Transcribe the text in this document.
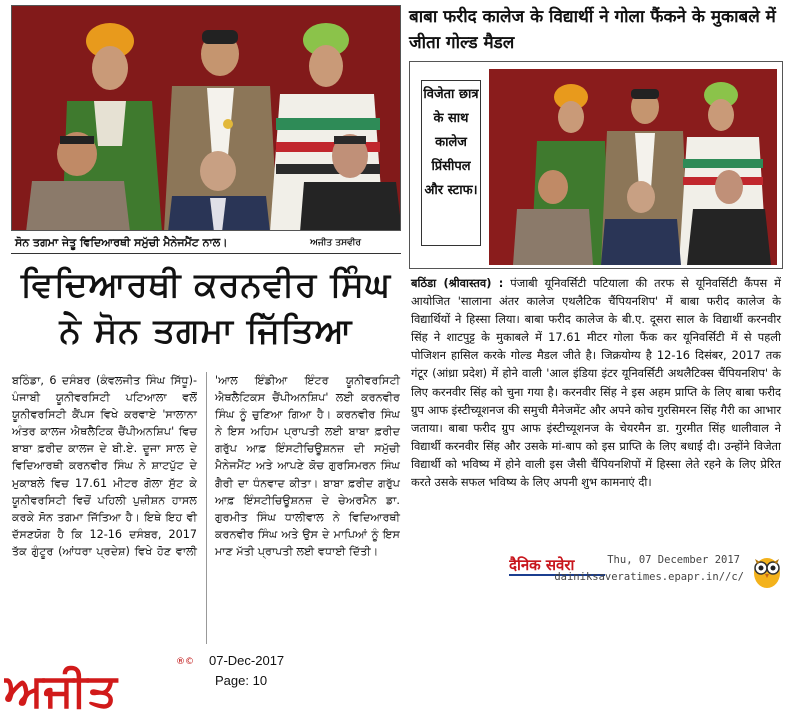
ਸੋਨ ਤਗਮਾ ਜੇਤੂ ਵਿਦਿਆਰਥੀ ਸਮੁੱਚੀ ਮੈਨੇਜਮੈਂਟ ਨਾਲ।	ਅਜੀਤ ਤਸਵੀਰ
ਵਿਦਿਆਰਥੀ ਕਰਨਵੀਰ ਸਿੰਘ
ਨੇ ਸੋਨ ਤਗਮਾ ਜਿੱਤਿਆ
ਬਠਿੰਡਾ, 6 ਦਸੰਬਰ (ਕੰਵਲਜੀਤ ਸਿੰਘ ਸਿੱਧੂ)- ਪੰਜਾਬੀ ਯੂਨੀਵਰਸਿਟੀ ਪਟਿਆਲਾ ਵਲੋਂ ਯੂਨੀਵਰਸਿਟੀ ਕੈਂਪਸ ਵਿਖੇ ਕਰਵਾਏ 'ਸਾਲਾਨਾ ਅੰਤਰ ਕਾਲਜ ਐਥਲੈਟਿਕ ਚੈਂਪੀਅਨਸ਼ਿਪ' ਵਿਚ ਬਾਬਾ ਫ਼ਰੀਦ ਕਾਲਜ ਦੇ ਬੀ.ਏ. ਦੂਜਾ ਸਾਲ ਦੇ ਵਿਦਿਆਰਥੀ ਕਰਨਵੀਰ ਸਿੰਘ ਨੇ ਸ਼ਾਟਪੁੱਟ ਦੇ ਮੁਕਾਬਲੇ ਵਿਚ 17.61 ਮੀਟਰ ਗੋਲਾ ਸੁੱਟ ਕੇ ਯੂਨੀਵਰਸਿਟੀ ਵਿਚੋਂ ਪਹਿਲੀ ਪੁਜ਼ੀਸ਼ਨ ਹਾਸਲ ਕਰਕੇ ਸੋਨ ਤਗਮਾ ਜਿੱਤਿਆ ਹੈ। ਇਥੇ ਇਹ ਵੀ ਦੱਸਣਯੋਗ ਹੈ ਕਿ 12-16 ਦਸੰਬਰ, 2017 ਤੱਕ ਗੁੰਟੂਰ (ਆਂਧਰਾ ਪ੍ਰਦੇਸ਼) ਵਿਖੇ ਹੋਣ ਵਾਲੀ 'ਆਲ ਇੰਡੀਆ ਇੰਟਰ ਯੂਨੀਵਰਸਿਟੀ ਐਥਲੈਟਿਕਸ ਚੈਂਪੀਅਨਸ਼ਿਪ' ਲਈ ਕਰਨਵੀਰ ਸਿੰਘ ਨੂੰ ਚੁਣਿਆ ਗਿਆ ਹੈ। ਕਰਨਵੀਰ ਸਿੰਘ ਨੇ ਇਸ ਅਹਿਮ ਪ੍ਰਾਪਤੀ ਲਈ ਬਾਬਾ ਫ਼ਰੀਦ ਗਰੁੱਪ ਆਫ਼ ਇੰਸਟੀਚਿਊਸ਼ਨਜ਼ ਦੀ ਸਮੁੱਚੀ ਮੈਨੇਜਮੈਂਟ ਅਤੇ ਆਪਣੇ ਕੋਚ ਗੁਰਸਿਮਰਨ ਸਿੰਘ ਗੈਰੀ ਦਾ ਧੰਨਵਾਦ ਕੀਤਾ। ਬਾਬਾ ਫ਼ਰੀਦ ਗਰੁੱਪ ਆਫ਼ ਇੰਸਟੀਚਿਊਸ਼ਨਜ਼ ਦੇ ਚੇਅਰਮੈਨ ਡਾ. ਗੁਰਮੀਤ ਸਿੰਘ ਧਾਲੀਵਾਲ ਨੇ ਵਿਦਿਆਰਥੀ ਕਰਨਵੀਰ ਸਿੰਘ ਅਤੇ ਉਸ ਦੇ ਮਾਪਿਆਂ ਨੂੰ ਇਸ ਮਾਣ ਮੱਤੀ ਪ੍ਰਾਪਤੀ ਲਈ ਵਧਾਈ ਦਿੱਤੀ।
बाबा फरीद कालेज के विद्यार्थी ने गोला फैंकने के मुकाबले में जीता गोल्ड मैडल
विजेता छात्र के साथ कालेज प्रिंसीपल और स्टाफ।
बठिंडा (श्रीवास्तव) : पंजाबी यूनिवर्सिटी पटियाला की तरफ से यूनिवर्सिटी कैंपस में आयोजित 'सालाना अंतर कालेज एथलैटिक चैंपियनशिप' में बाबा फरीद कालेज के विद्यार्थियों ने हिस्सा लिया। बाबा फरीद कालेज के बी.ए. दूसरा साल के विद्यार्थी करनवीर सिंह ने शाटपुट्ट के मुकाबले में 17.61 मीटर गोला फैंक कर यूनिवर्सिटी में से पहली पोजिशन हासिल करके गोल्ड मैडल जीते है। जिक्रयोग्य है 12-16 दिसंबर, 2017 तक गंटूर (आंध्रा प्रदेश) में होने वाली 'आल इंडिया इंटर यूनिवर्सिटी अथलैटिक्स चैंपियनशिप' के लिए करनवीर सिंह को चुना गया है। करनवीर सिंह ने इस अहम प्राप्ति के लिए बाबा फरीद ग्रुप आफ इंस्टीच्यूशनज की समुची मैनेजमेंट और अपने कोच गुरसिमरन सिंह गैरी का आभार जताया। बाबा फरीद ग्रुप आफ इंस्टीच्यूशनज के चेयरमैन डा. गुरमीत सिंह धालीवाल ने विद्यार्थी करनवीर सिंह और उसके मां-बाप को इस प्राप्ति के लिए बधाई दी। उन्होंने विजेता विद्यार्थी को भविष्य में होने वाली इस जैसी चैंपियनशिपों में हिस्सा लेते रहने के लिए प्रेरित करते उसके सफल भविष्य के लिए अपनी शुभ कामनाएं दी।
दैनिक सवेरा	Thu, 07 December 2017
dainiksaveratimes.epapr.in//c/
ਅਜੀਤ
®© 07-Dec-2017
Page: 10
